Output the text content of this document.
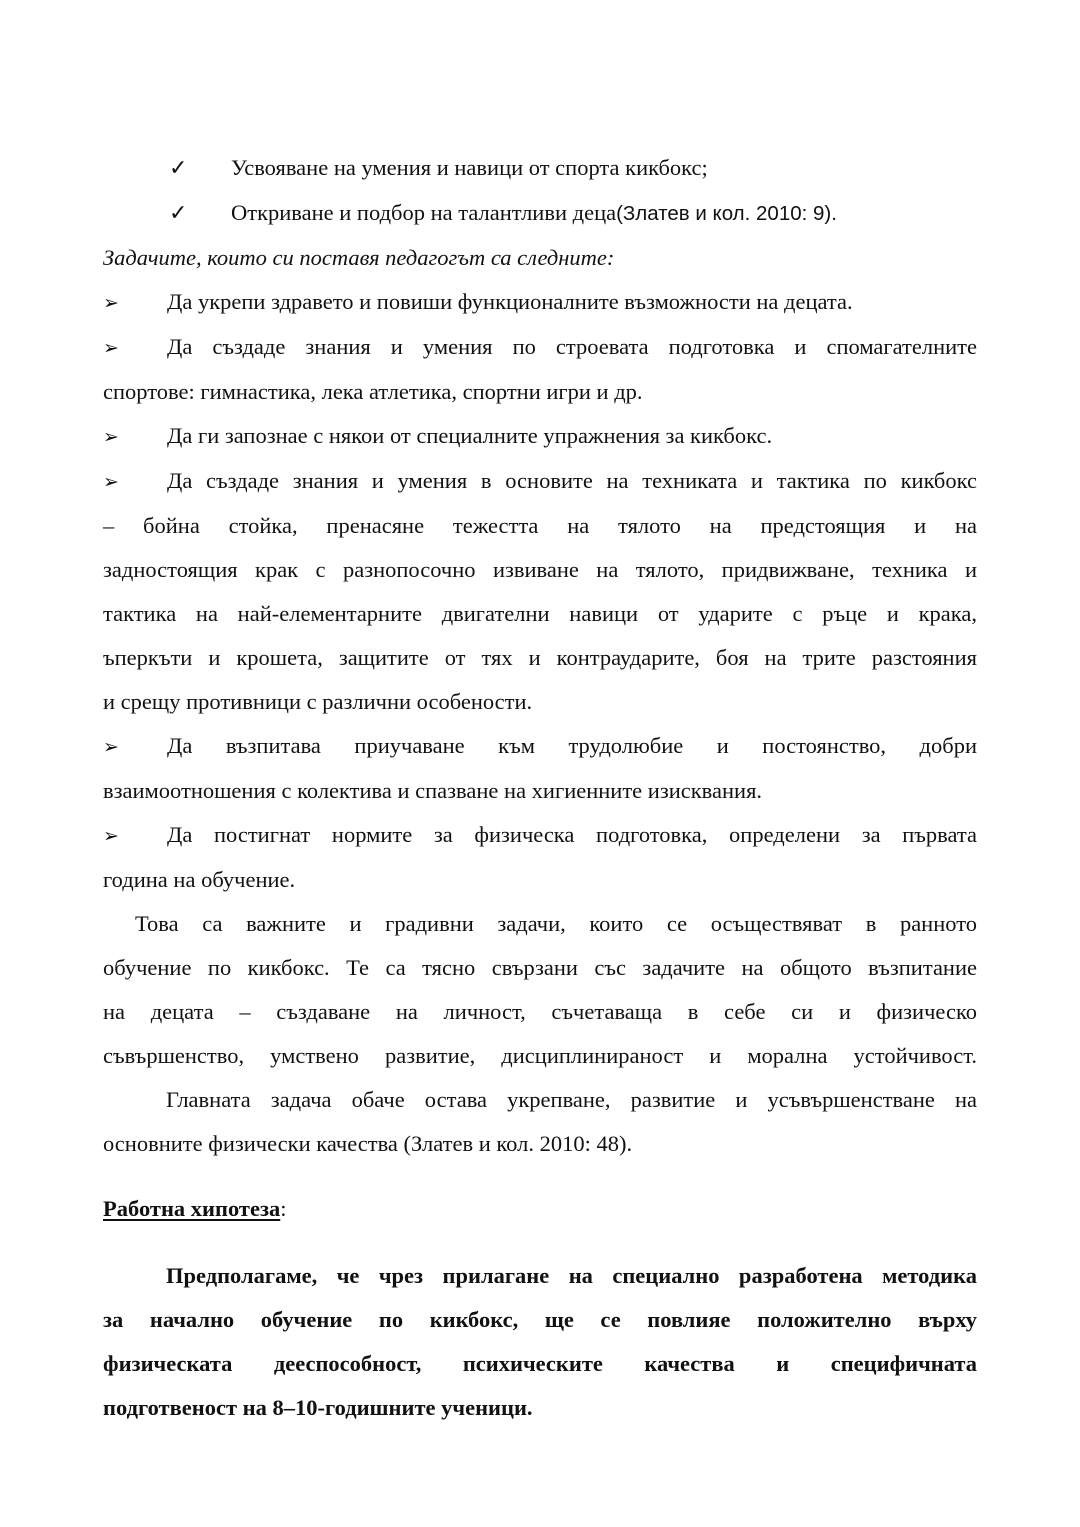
✓	Усвояване на умения и навици от спорта кикбокс;
✓	Откриване и подбор на талантливи деца (Златев и кол. 2010: 9).

Задачите, които си поставя педагогът са следните:

➢	Да укрепи здравето и повиши функционалните възможности на децата.
➢	Да създаде знания и умения по строевата подготовка и спомагателните

спортове: гимнастика, лека атлетика, спортни игри и др.

➢	Да ги запознае с някои от специалните упражнения за кикбокс.
➢	Да създаде знания и умения в основите на техниката и тактика по кикбокс

– бойна стойка, пренасяне тежестта на тялото на предстоящия и на

задностоящия крак с разнопосочно извиване на тялото, придвижване, техника и

тактика на най-елементарните двигателни навици от ударите с ръце и крака,

ъперкъти и крошета, защитите от тях и контраударите, боя на трите разстояния

и срещу противници с различни особености.

➢	Да възпитава приучаване към трудолюбие и постоянство, добри

взаимоотношения с колектива и спазване на хигиенните изисквания.

➢	Да постигнат нормите за физическа подготовка, определени за първата

година на обучение.

Това са важните и градивни задачи, които се осъществяват в ранното

обучение по кикбокс. Те са тясно свързани със задачите на общото възпитание

на децата – създаване на личност, съчетаваща в себе си и физическо

съвършенство, умствено развитие, дисциплинираност и морална устойчивост.

Главната задача обаче остава укрепване, развитие и усъвършенстване на

основните физически качества (Златев и кол. 2010: 48).

Работна хипотеза:

Предполагаме, че чрез прилагане на специално разработена методика

за начално обучение по кикбокс, ще се повлияе положително върху

физическата дееспособност, психическите качества и специфичната

подготвеност на 8–10-годишните ученици.
